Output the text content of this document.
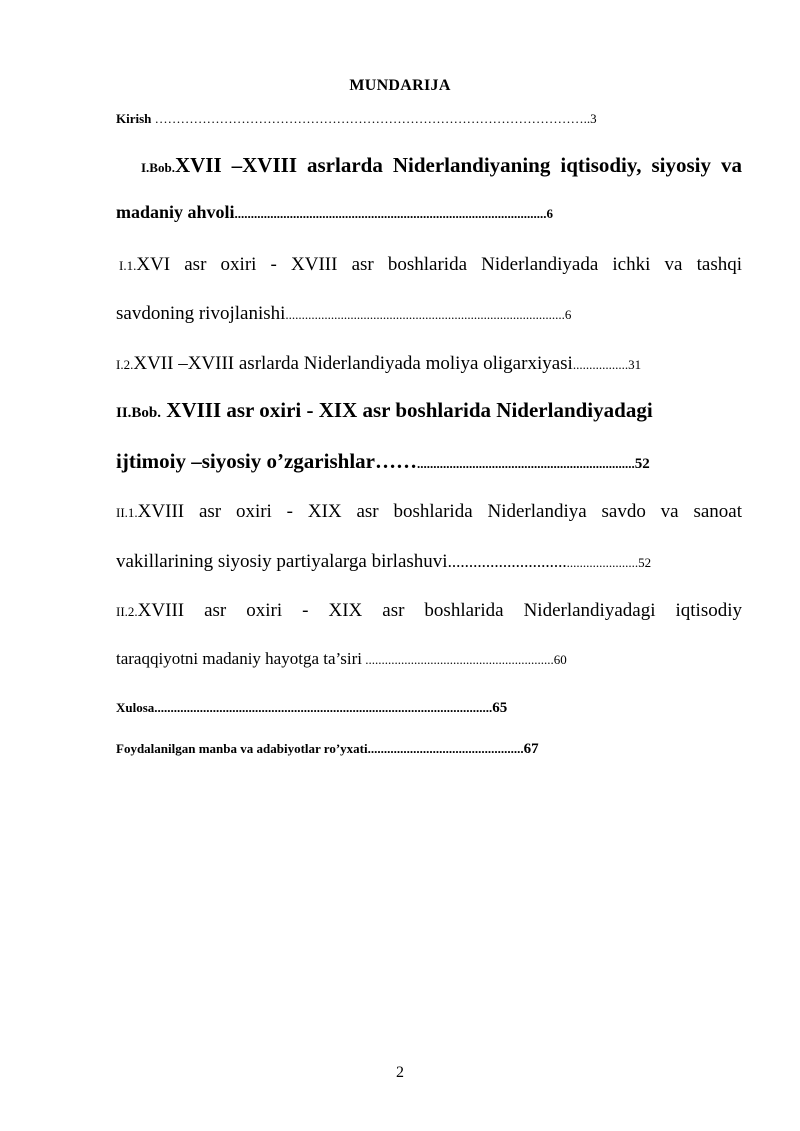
MUNDARIJA
Kirish ………………………………………………………………………………………..3
I.Bob.XVII –XVIII asrlarda Niderlandiyaning iqtisodiy, siyosiy va
madaniy ahvoli................................................................................................6
I.1.XVI asr oxiri - XVIII asr boshlarida Niderlandiyada ichki va tashqi
savdoning rivojlanishi......................................................................................6
I.2.XVII –XVIII asrlarda Niderlandiyada moliya oligarxiyasi.................31
II.Bob. XVIII asr oxiri - XIX asr boshlarida Niderlandiyadagi
ijtimoiy –siyosiy o’zgarishlar……...................................................................52
II.1.XVIII asr oxiri - XIX asr boshlarida Niderlandiya savdo va sanoat
vakillarining siyosiy partiyalarga birlashuvi..................................................52
II.2.XVIII asr oxiri - XIX asr boshlarida Niderlandiyadagi iqtisodiy
taraqqiyotni madaniy hayotga ta’siri ..........................................................60
Xulosa........................................................................................................65
Foydalanilgan manba va adabiyotlar ro’yxati................................................67
2
